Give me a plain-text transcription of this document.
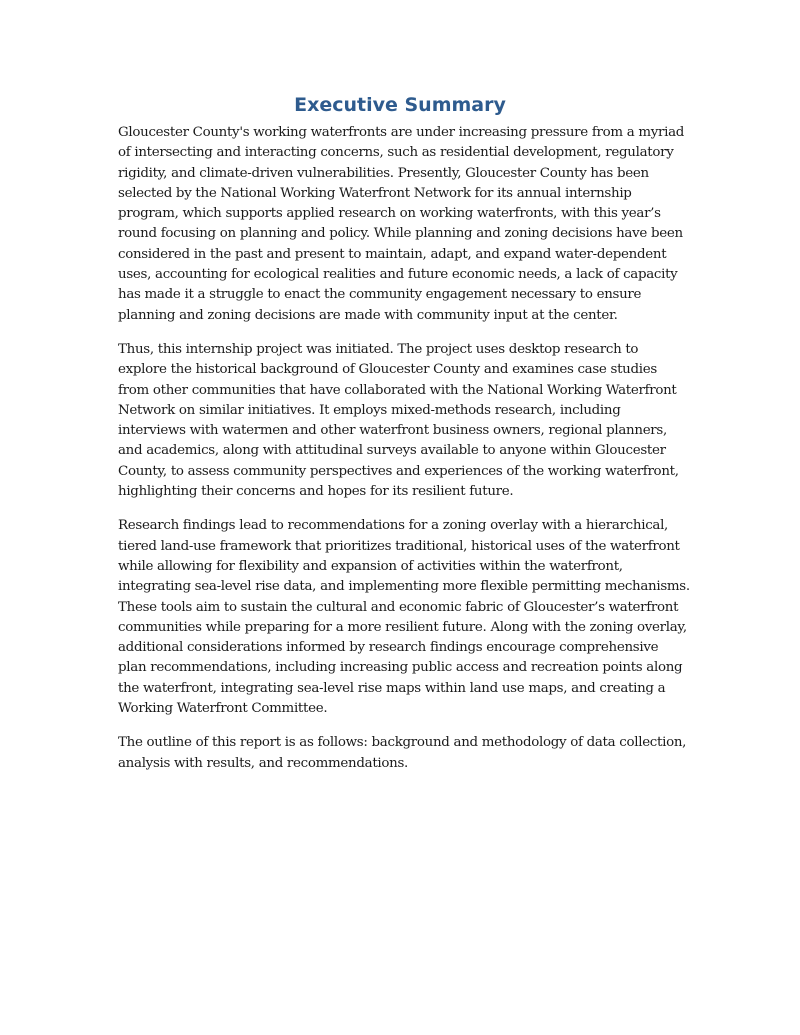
Executive Summary

Gloucester County's working waterfronts are under increasing pressure from a myriad of intersecting and interacting concerns, such as residential development, regulatory rigidity, and climate-driven vulnerabilities. Presently, Gloucester County has been selected by the National Working Waterfront Network for its annual internship program, which supports applied research on working waterfronts, with this year’s round focusing on planning and policy. While planning and zoning decisions have been considered in the past and present to maintain, adapt, and expand water-dependent uses, accounting for ecological realities and future economic needs, a lack of capacity has made it a struggle to enact the community engagement necessary to ensure planning and zoning decisions are made with community input at the center.

Thus, this internship project was initiated. The project uses desktop research to explore the historical background of Gloucester County and examines case studies from other communities that have collaborated with the National Working Waterfront Network on similar initiatives. It employs mixed-methods research, including interviews with watermen and other waterfront business owners, regional planners, and academics, along with attitudinal surveys available to anyone within Gloucester County, to assess community perspectives and experiences of the working waterfront, highlighting their concerns and hopes for its resilient future.

Research findings lead to recommendations for a zoning overlay with a hierarchical, tiered land-use framework that prioritizes traditional, historical uses of the waterfront while allowing for flexibility and expansion of activities within the waterfront, integrating sea-level rise data, and implementing more flexible permitting mechanisms. These tools aim to sustain the cultural and economic fabric of Gloucester’s waterfront communities while preparing for a more resilient future. Along with the zoning overlay, additional considerations informed by research findings encourage comprehensive plan recommendations, including increasing public access and recreation points along the waterfront, integrating sea-level rise maps within land use maps, and creating a Working Waterfront Committee.

The outline of this report is as follows: background and methodology of data collection, analysis with results, and recommendations.
